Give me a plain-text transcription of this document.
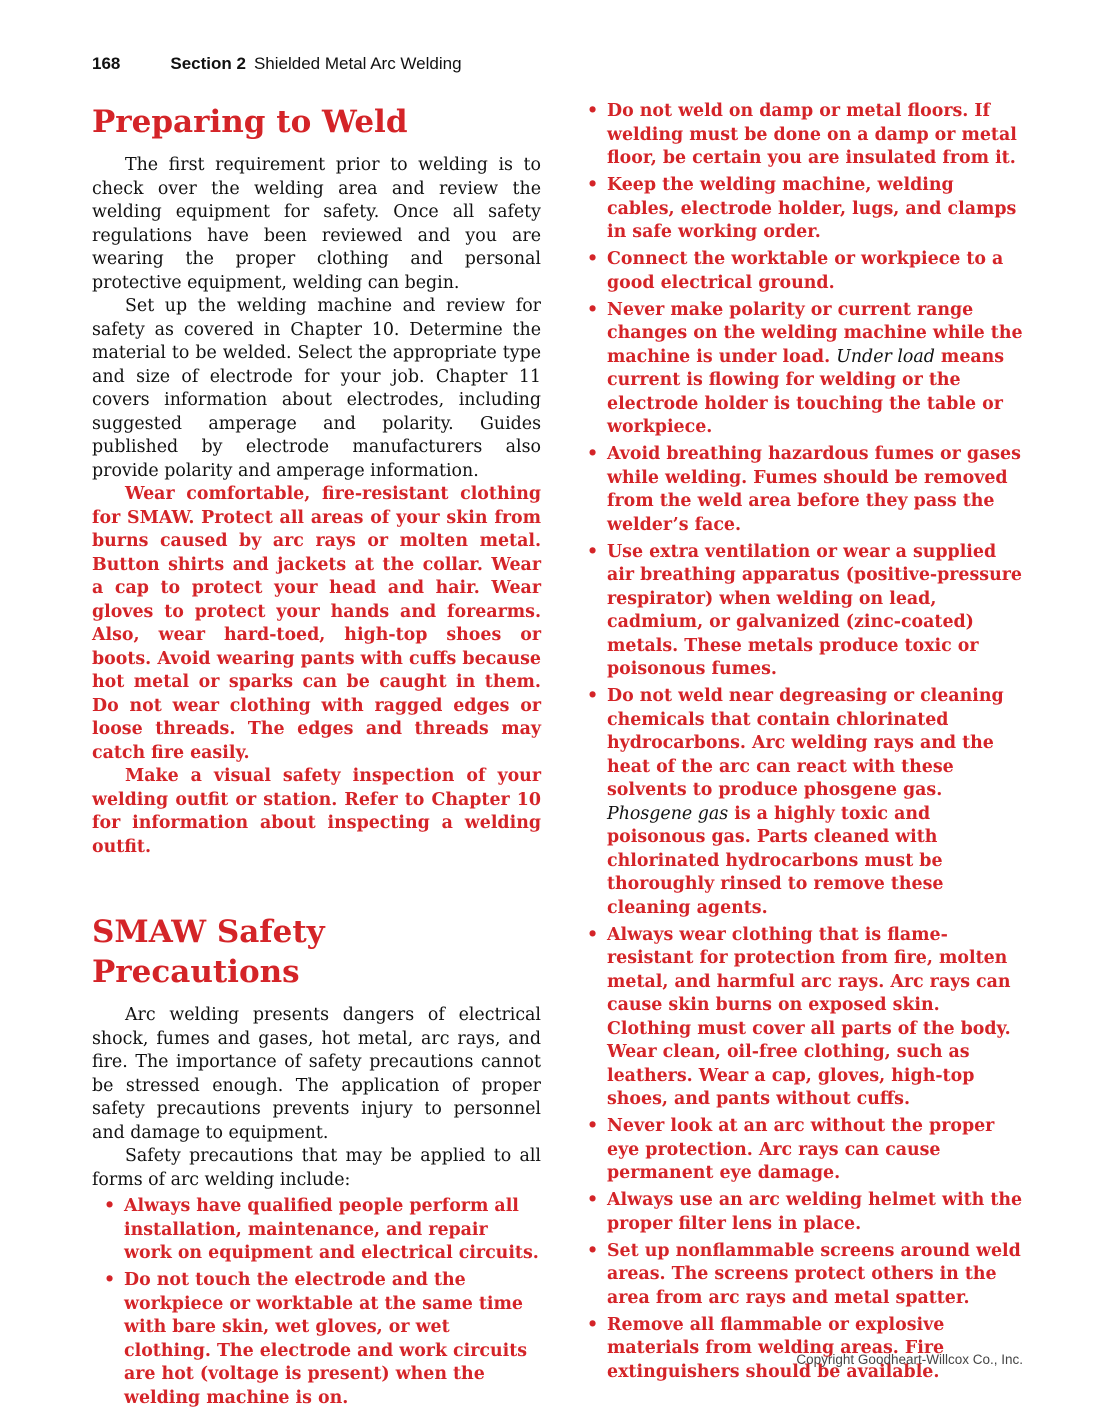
168	Section 2 Shielded Metal Arc Welding
Preparing to Weld

The first requirement prior to welding is to check over the welding area and review the welding equipment for safety. Once all safety regulations have been reviewed and you are wearing the proper clothing and personal protective equipment, welding can begin.

Set up the welding machine and review for safety as covered in Chapter 10. Determine the material to be welded. Select the appropriate type and size of electrode for your job. Chapter 11 covers information about electrodes, including suggested amperage and polarity. Guides published by electrode manufacturers also provide polarity and amperage information.

Wear comfortable, fire-resistant clothing for SMAW. Protect all areas of your skin from burns caused by arc rays or molten metal. Button shirts and jackets at the collar. Wear a cap to protect your head and hair. Wear gloves to protect your hands and forearms. Also, wear hard-toed, high-top shoes or boots. Avoid wearing pants with cuffs because hot metal or sparks can be caught in them. Do not wear clothing with ragged edges or loose threads. The edges and threads may catch fire easily.

Make a visual safety inspection of your welding outfit or station. Refer to Chapter 10 for information about inspecting a welding outfit.

SMAW Safety Precautions

Arc welding presents dangers of electrical shock, fumes and gases, hot metal, arc rays, and fire. The importance of safety precautions cannot be stressed enough. The application of proper safety precautions prevents injury to personnel and damage to equipment.

Safety precautions that may be applied to all forms of arc welding include:

• Always have qualified people perform all installation, maintenance, and repair work on equipment and electrical circuits.
• Do not touch the electrode and the workpiece or worktable at the same time with bare skin, wet gloves, or wet clothing. The electrode and work circuits are hot (voltage is present) when the welding machine is on.
• Do not weld on damp or metal floors. If welding must be done on a damp or metal floor, be certain you are insulated from it.
• Keep the welding machine, welding cables, electrode holder, lugs, and clamps in safe working order.
• Connect the worktable or workpiece to a good electrical ground.
• Never make polarity or current range changes on the welding machine while the machine is under load. Under load means current is flowing for welding or the electrode holder is touching the table or workpiece.
• Avoid breathing hazardous fumes or gases while welding. Fumes should be removed from the weld area before they pass the welder’s face.
• Use extra ventilation or wear a supplied air breathing apparatus (positive-pressure respirator) when welding on lead, cadmium, or galvanized (zinc-coated) metals. These metals produce toxic or poisonous fumes.
• Do not weld near degreasing or cleaning chemicals that contain chlorinated hydrocarbons. Arc welding rays and the heat of the arc can react with these solvents to produce phosgene gas. Phosgene gas is a highly toxic and poisonous gas. Parts cleaned with chlorinated hydrocarbons must be thoroughly rinsed to remove these cleaning agents.
• Always wear clothing that is flame-resistant for protection from fire, molten metal, and harmful arc rays. Arc rays can cause skin burns on exposed skin. Clothing must cover all parts of the body. Wear clean, oil-free clothing, such as leathers. Wear a cap, gloves, high-top shoes, and pants without cuffs.
• Never look at an arc without the proper eye protection. Arc rays can cause permanent eye damage.
• Always use an arc welding helmet with the proper filter lens in place.
• Set up nonflammable screens around weld areas. The screens protect others in the area from arc rays and metal spatter.
• Remove all flammable or explosive materials from welding areas. Fire extinguishers should be available.
Copyright Goodheart-Willcox Co., Inc.
